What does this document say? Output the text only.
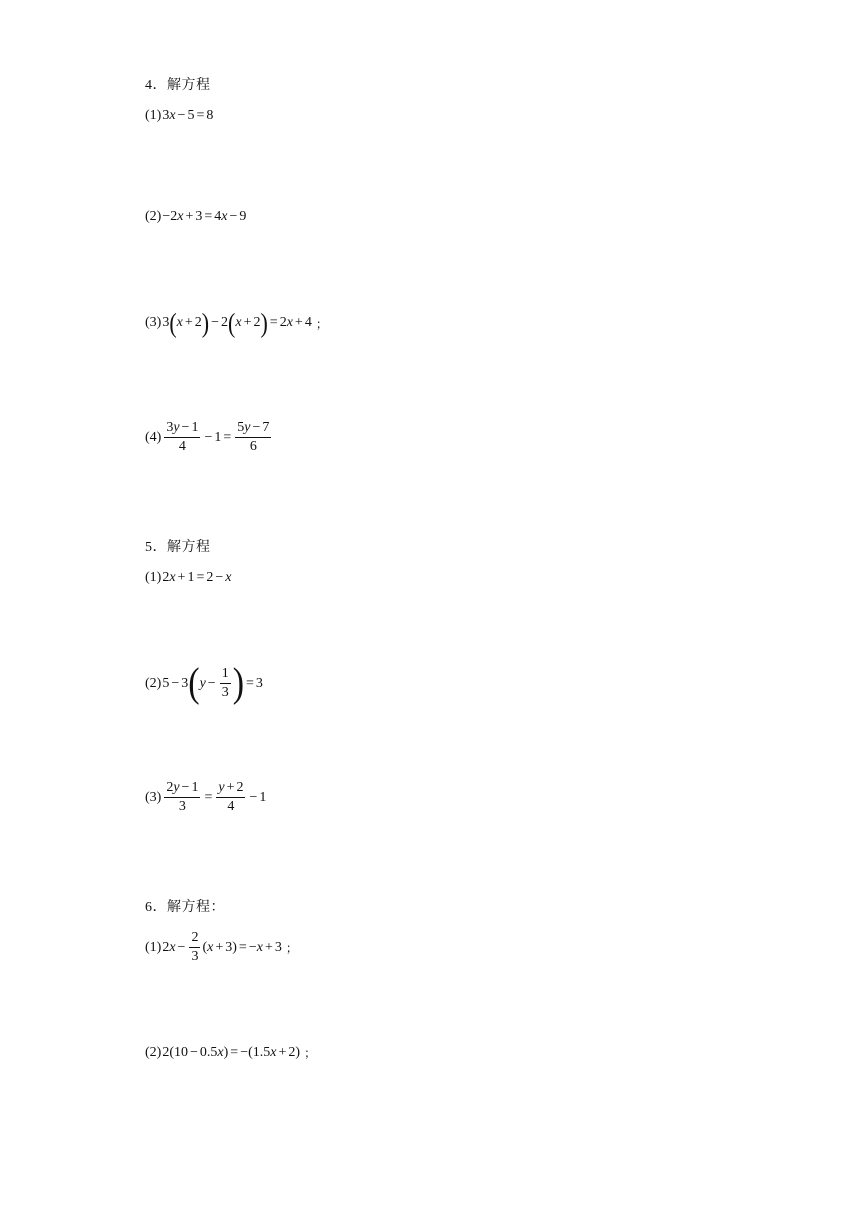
4．解方程
(1) 3 x − 5 = 8
(2) −2 x + 3 = 4 x − 9
(3) 3 ( x + 2 ) − 2 ( x + 2 ) = 2 x + 4 ；
$(4) \frac{3y - 1}{4} - 1 = \frac{5y - 7}{6}$
5．解方程
(1) 2 x + 1 = 2 − x
(2) 5 − 3 ( $y - \frac{1}{3}$ ) = 3
$(3) \frac{2y - 1}{3} = \frac{y + 2}{4} - 1$
6．解方程：
(1) 2 $x - \frac{2}{3}$ ( x + 3) = − x + 3 ；
(2) 2(10 − 0.5 x ) = −(1.5 x + 2) ；
